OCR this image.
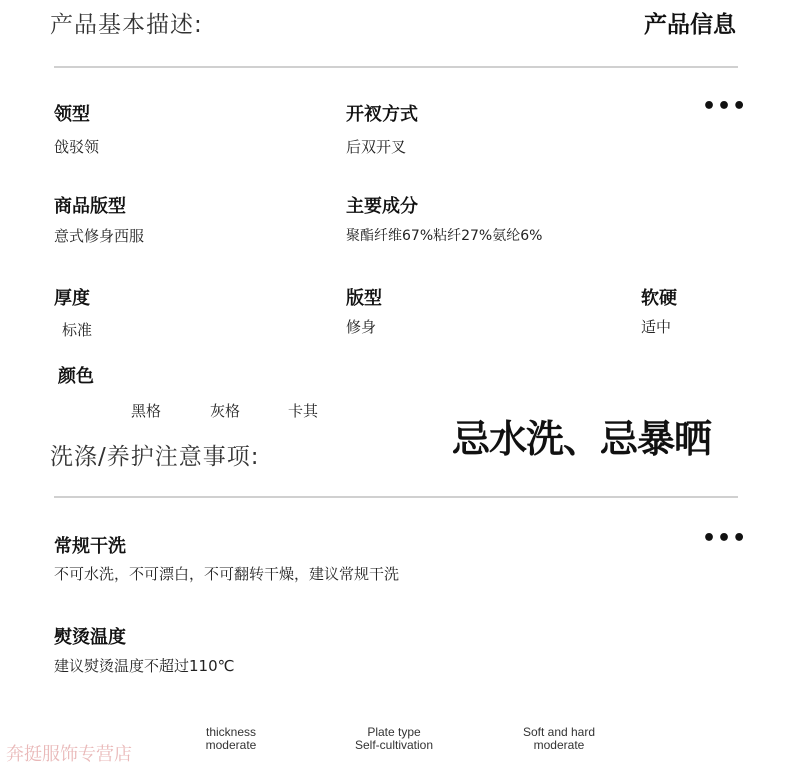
产品基本描述:	产品信息
•••
领型
戗驳领
开衩方式
后双开叉
商品版型
意式修身西服
主要成分
聚酯纤维67%粘纤27%氨纶6%
厚度
标准
版型
修身
软硬
适中
颜色
黑格	灰格	卡其
忌水洗、忌暴晒
洗涤/养护注意事项:
•••
常规干洗
不可水洗，不可漂白，不可翻转干燥，建议常规干洗
熨烫温度
建议熨烫温度不超过110℃
thickness
moderate
Plate type
Self-cultivation
Soft and hard
moderate
奔挺服饰专营店
